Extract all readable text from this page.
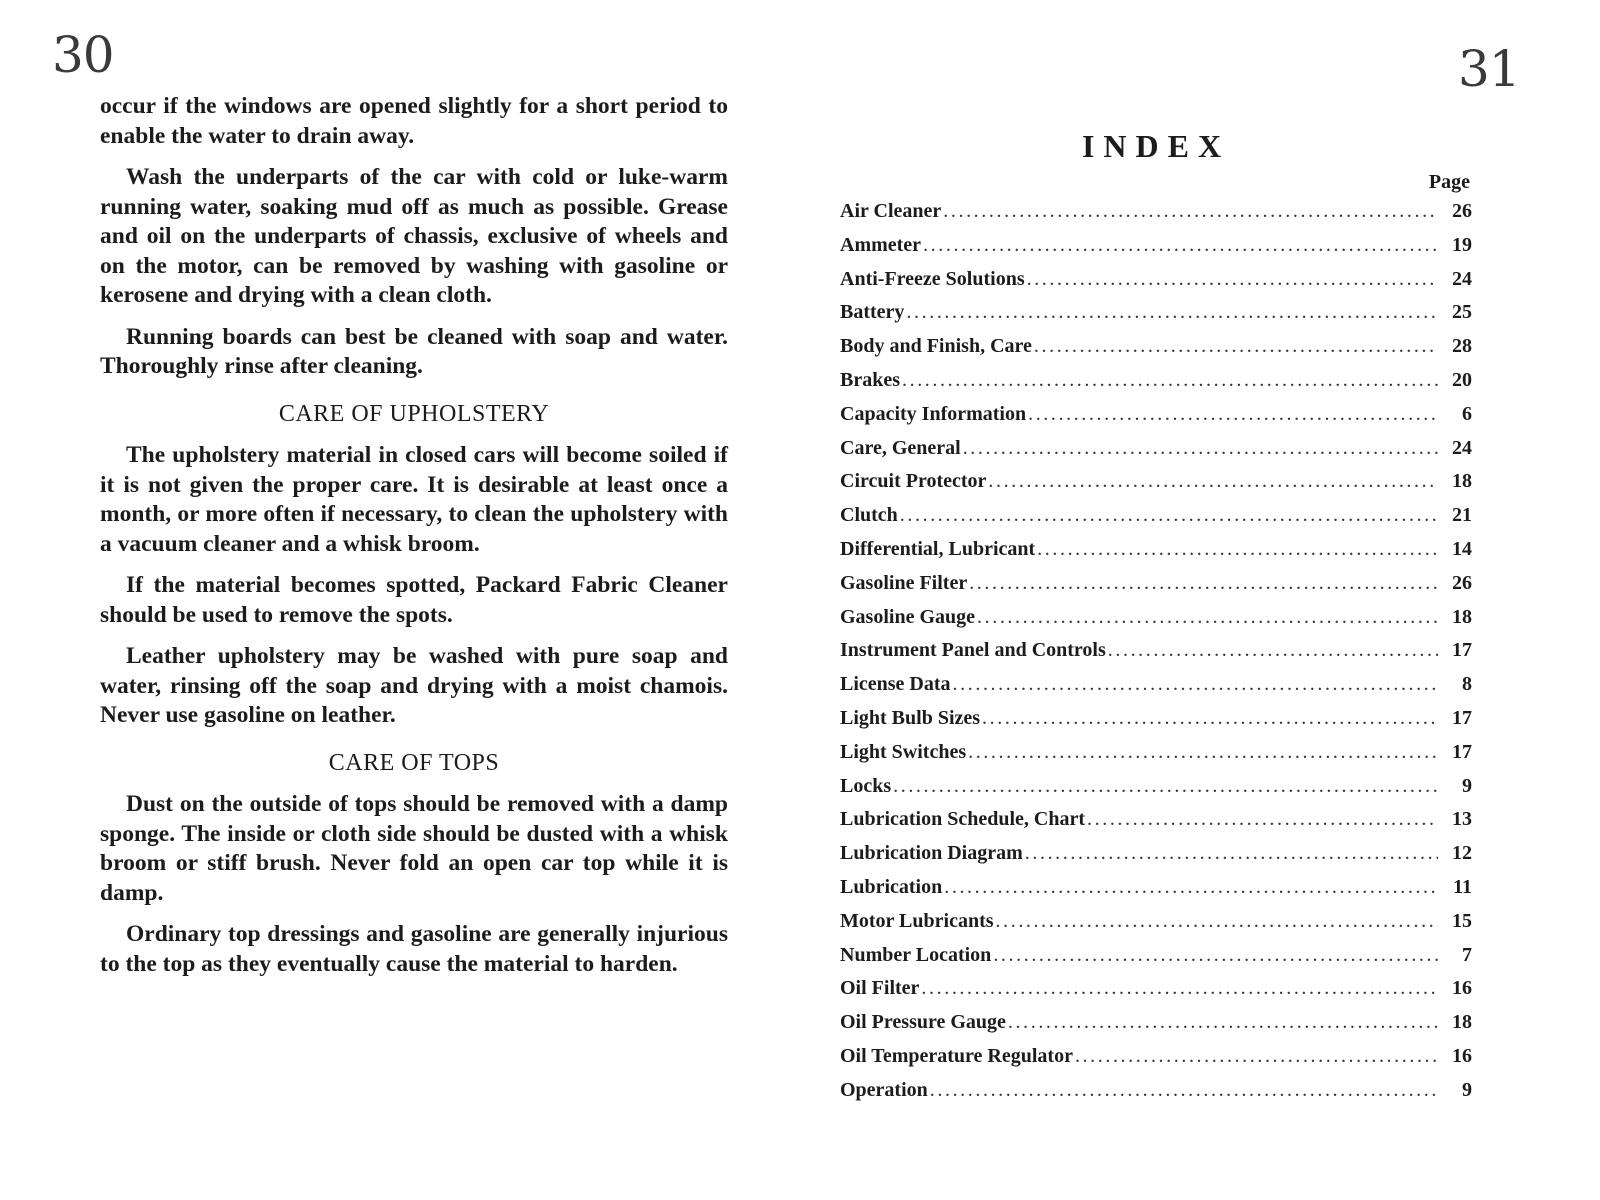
30	31

occur if the windows are opened slightly for a short period to enable the water to drain away.

Wash the underparts of the car with cold or luke-warm running water, soaking mud off as much as possible. Grease and oil on the underparts of chassis, exclusive of wheels and on the motor, can be removed by washing with gasoline or kerosene and drying with a clean cloth.

Running boards can best be cleaned with soap and water. Thoroughly rinse after cleaning.

CARE OF UPHOLSTERY

The upholstery material in closed cars will become soiled if it is not given the proper care. It is desirable at least once a month, or more often if necessary, to clean the upholstery with a vacuum cleaner and a whisk broom.

If the material becomes spotted, Packard Fabric Cleaner should be used to remove the spots.

Leather upholstery may be washed with pure soap and water, rinsing off the soap and drying with a moist chamois. Never use gasoline on leather.

CARE OF TOPS

Dust on the outside of tops should be removed with a damp sponge. The inside or cloth side should be dusted with a whisk broom or stiff brush. Never fold an open car top while it is damp.

Ordinary top dressings and gasoline are generally injurious to the top as they eventually cause the material to harden.

INDEX
Page
Air Cleaner . . .	26
Ammeter . . .	19
Anti-Freeze Solutions . . .	24
Battery . . .	25
Body and Finish, Care . . .	28
Brakes . . .	20
Capacity Information . . .	6
Care, General . . .	24
Circuit Protector . . .	18
Clutch . . .	21
Differential, Lubricant . . .	14
Gasoline Filter . . .	26
Gasoline Gauge . . .	18
Instrument Panel and Controls . . .	17
License Data . . .	8
Light Bulb Sizes . . .	17
Light Switches . . .	17
Locks . . .	9
Lubrication Schedule, Chart . . .	13
Lubrication Diagram . . .	12
Lubrication . . .	11
Motor Lubricants . . .	15
Number Location . . .	7
Oil Filter . . .	16
Oil Pressure Gauge . . .	18
Oil Temperature Regulator . . .	16
Operation . . .	9
